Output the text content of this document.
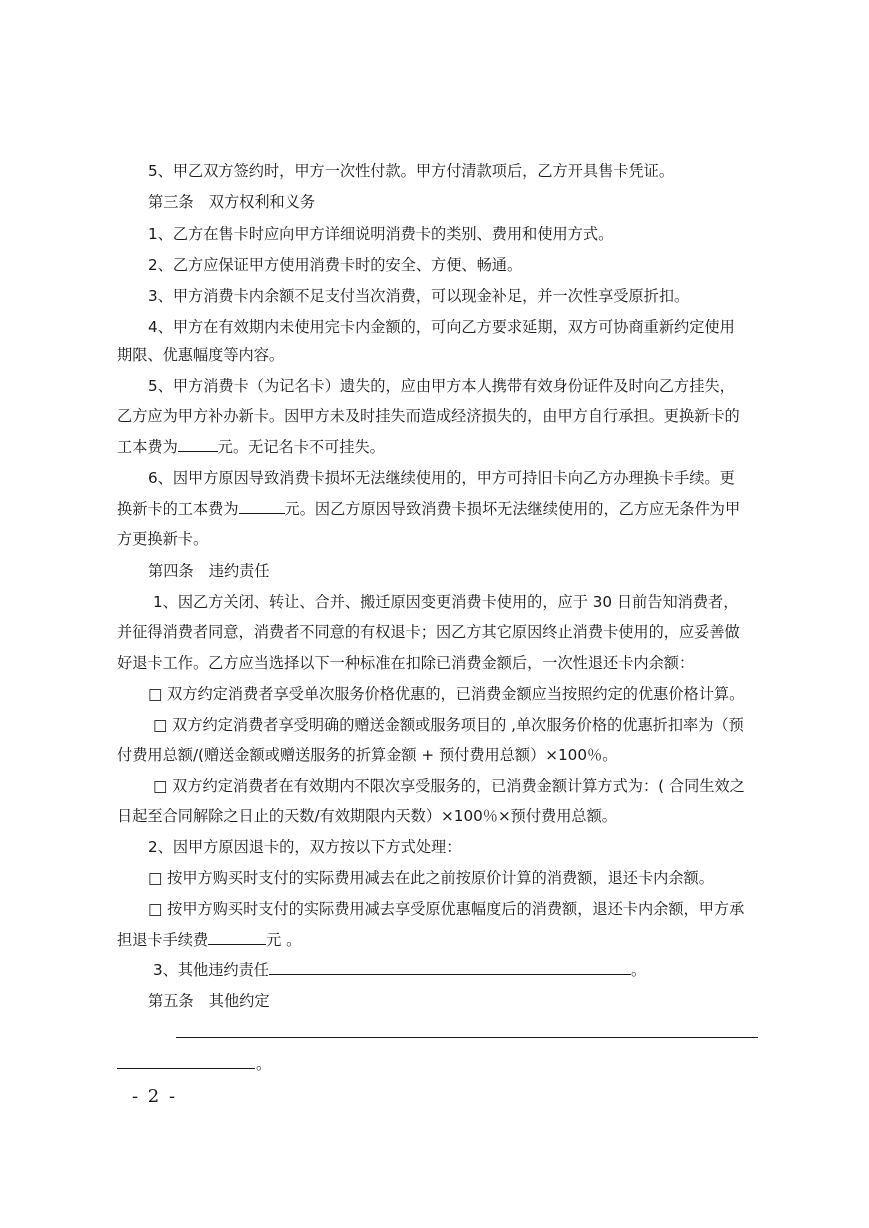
5、甲乙双方签约时，甲方一次性付款。甲方付清款项后，乙方开具售卡凭证。
第三条　双方权利和义务
1、乙方在售卡时应向甲方详细说明消费卡的类别、费用和使用方式。
2、乙方应保证甲方使用消费卡时的安全、方便、畅通。
3、甲方消费卡内余额不足支付当次消费，可以现金补足，并一次性享受原折扣。
4、甲方在有效期内未使用完卡内金额的，可向乙方要求延期，双方可协商重新约定使用
期限、优惠幅度等内容。
5、甲方消费卡（为记名卡）遗失的，应由甲方本人携带有效身份证件及时向乙方挂失，
乙方应为甲方补办新卡。因甲方未及时挂失而造成经济损失的，由甲方自行承担。更换新卡的
工本费为	元。无记名卡不可挂失。
6、因甲方原因导致消费卡损坏无法继续使用的，甲方可持旧卡向乙方办理换卡手续。更
换新卡的工本费为	元。因乙方原因导致消费卡损坏无法继续使用的，乙方应无条件为甲
方更换新卡。
第四条　违约责任
1、因乙方关闭、转让、合并、搬迁原因变更消费卡使用的，应于 30 日前告知消费者，
并征得消费者同意，消费者不同意的有权退卡；因乙方其它原因终止消费卡使用的，应妥善做
好退卡工作。乙方应当选择以下一种标准在扣除已消费金额后，一次性退还卡内余额：
□ 双方约定消费者享受单次服务价格优惠的，已消费金额应当按照约定的优惠价格计算。
□ 双方约定消费者享受明确的赠送金额或服务项目的 ,单次服务价格的优惠折扣率为（预
付费用总额/(赠送金额或赠送服务的折算金额 + 预付费用总额）×100％。
□ 双方约定消费者在有效期内不限次享受服务的，已消费金额计算方式为：( 合同生效之
日起至合同解除之日止的天数/有效期限内天数）×100％×预付费用总额。
2、因甲方原因退卡的，双方按以下方式处理：
□ 按甲方购买时支付的实际费用减去在此之前按原价计算的消费额，退还卡内余额。
□ 按甲方购买时支付的实际费用减去享受原优惠幅度后的消费额，退还卡内余额，甲方承
担退卡手续费	元 。
3、其他违约责任	。
第五条　其他约定
。
- 2 -
